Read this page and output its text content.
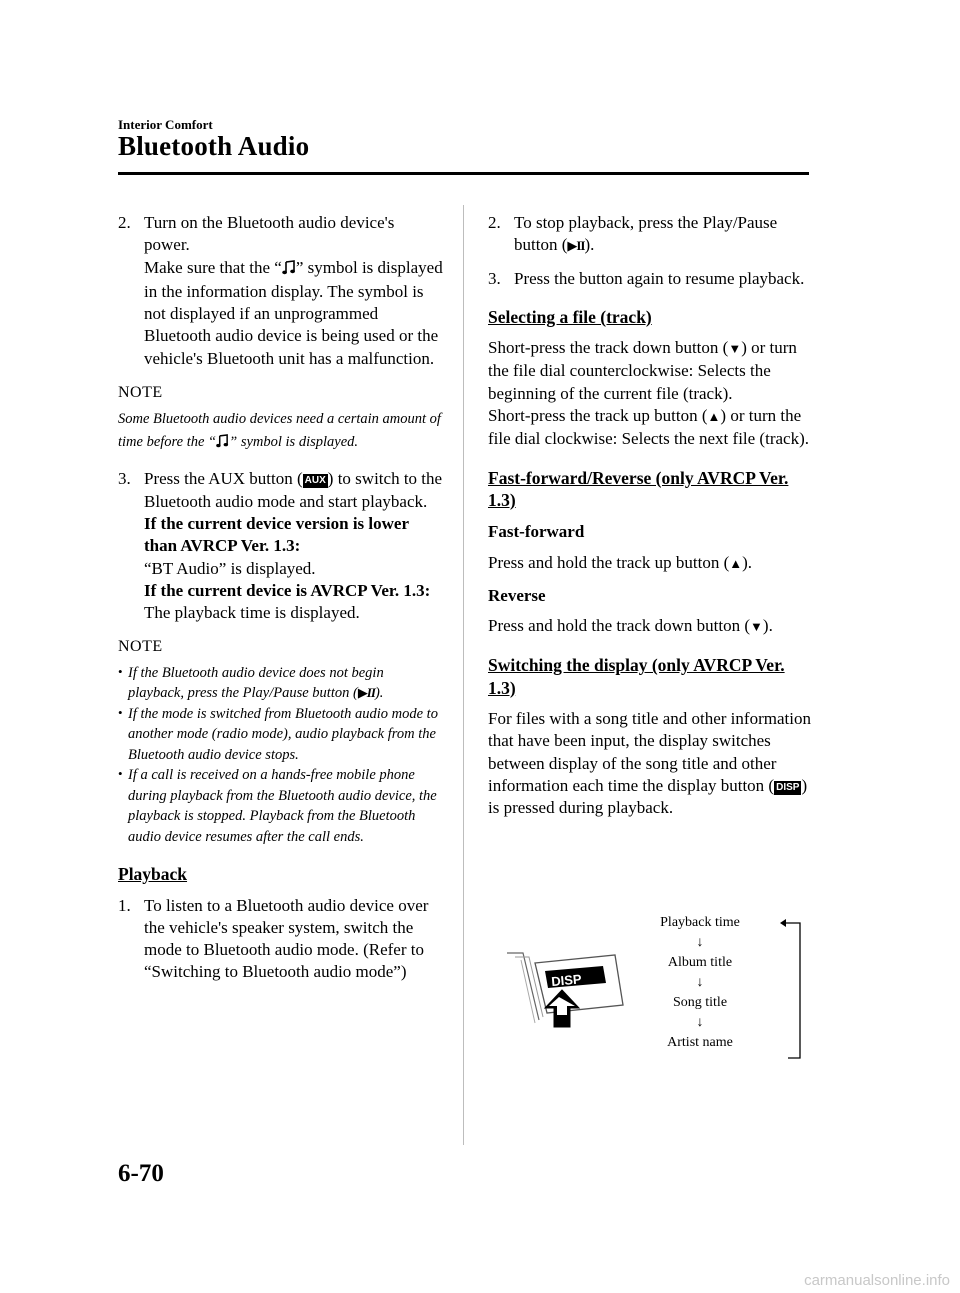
Interior Comfort
Bluetooth Audio
2. Turn on the Bluetooth audio device's power.
Make sure that the “ ” symbol is displayed in the information display. The symbol is not displayed if an unprogrammed Bluetooth audio device is being used or the vehicle's Bluetooth unit has a malfunction.
NOTE
Some Bluetooth audio devices need a certain amount of time before the “ ” symbol is displayed.
3. Press the AUX button ( AUX ) to switch to the Bluetooth audio mode and start playback.
If the current device version is lower than AVRCP Ver. 1.3:
“BT Audio” is displayed.
If the current device is AVRCP Ver. 1.3:
The playback time is displayed.
NOTE
• If the Bluetooth audio device does not begin playback, press the Play/Pause button (▶II).
• If the mode is switched from Bluetooth audio mode to another mode (radio mode), audio playback from the Bluetooth audio device stops.
• If a call is received on a hands-free mobile phone during playback from the Bluetooth audio device, the playback is stopped. Playback from the Bluetooth audio device resumes after the call ends.
Playback
1. To listen to a Bluetooth audio device over the vehicle's speaker system, switch the mode to Bluetooth audio mode. (Refer to “Switching to Bluetooth audio mode”)
2. To stop playback, press the Play/Pause button (▶II).
3. Press the button again to resume playback.
Selecting a file (track)
Short-press the track down button (▼) or turn the file dial counterclockwise: Selects the beginning of the current file (track).
Short-press the track up button (▲) or turn the file dial clockwise: Selects the next file (track).
Fast-forward/Reverse (only AVRCP Ver. 1.3)
Fast-forward
Press and hold the track up button (▲).
Reverse
Press and hold the track down button (▼).
Switching the display (only AVRCP Ver. 1.3)
For files with a song title and other information that have been input, the display switches between display of the song title and other information each time the display button ( DISP ) is pressed during playback.
DISP
Playback time
↓
Album title
↓
Song title
↓
Artist name
6-70
carmanualsonline.info
